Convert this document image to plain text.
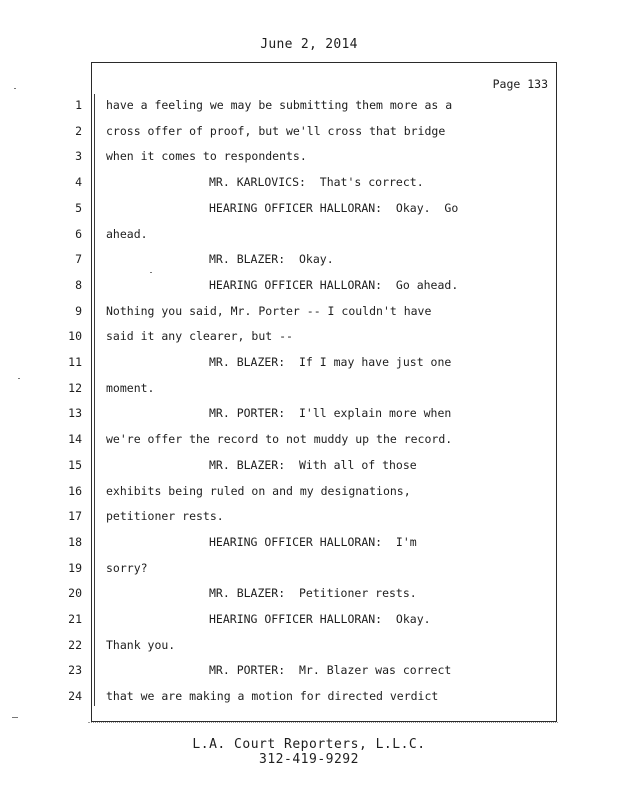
June 2, 2014
Page 133
1 have a feeling we may be submitting them more as a
2 cross offer of proof, but we'll cross that bridge
3 when it comes to respondents.
4	MR. KARLOVICS:  That's correct.
5	HEARING OFFICER HALLORAN:  Okay.  Go
6 ahead.
7	MR. BLAZER:  Okay.
8	HEARING OFFICER HALLORAN:  Go ahead.
9 Nothing you said, Mr. Porter -- I couldn't have
10 said it any clearer, but --
11	MR. BLAZER:  If I may have just one
12 moment.
13	MR. PORTER:  I'll explain more when
14 we're offer the record to not muddy up the record.
15	MR. BLAZER:  With all of those
16 exhibits being ruled on and my designations,
17 petitioner rests.
18	HEARING OFFICER HALLORAN:  I'm
19 sorry?
20	MR. BLAZER:  Petitioner rests.
21	HEARING OFFICER HALLORAN:  Okay.
22 Thank you.
23	MR. PORTER:  Mr. Blazer was correct
24 that we are making a motion for directed verdict
L.A. Court Reporters, L.L.C.
312-419-9292
